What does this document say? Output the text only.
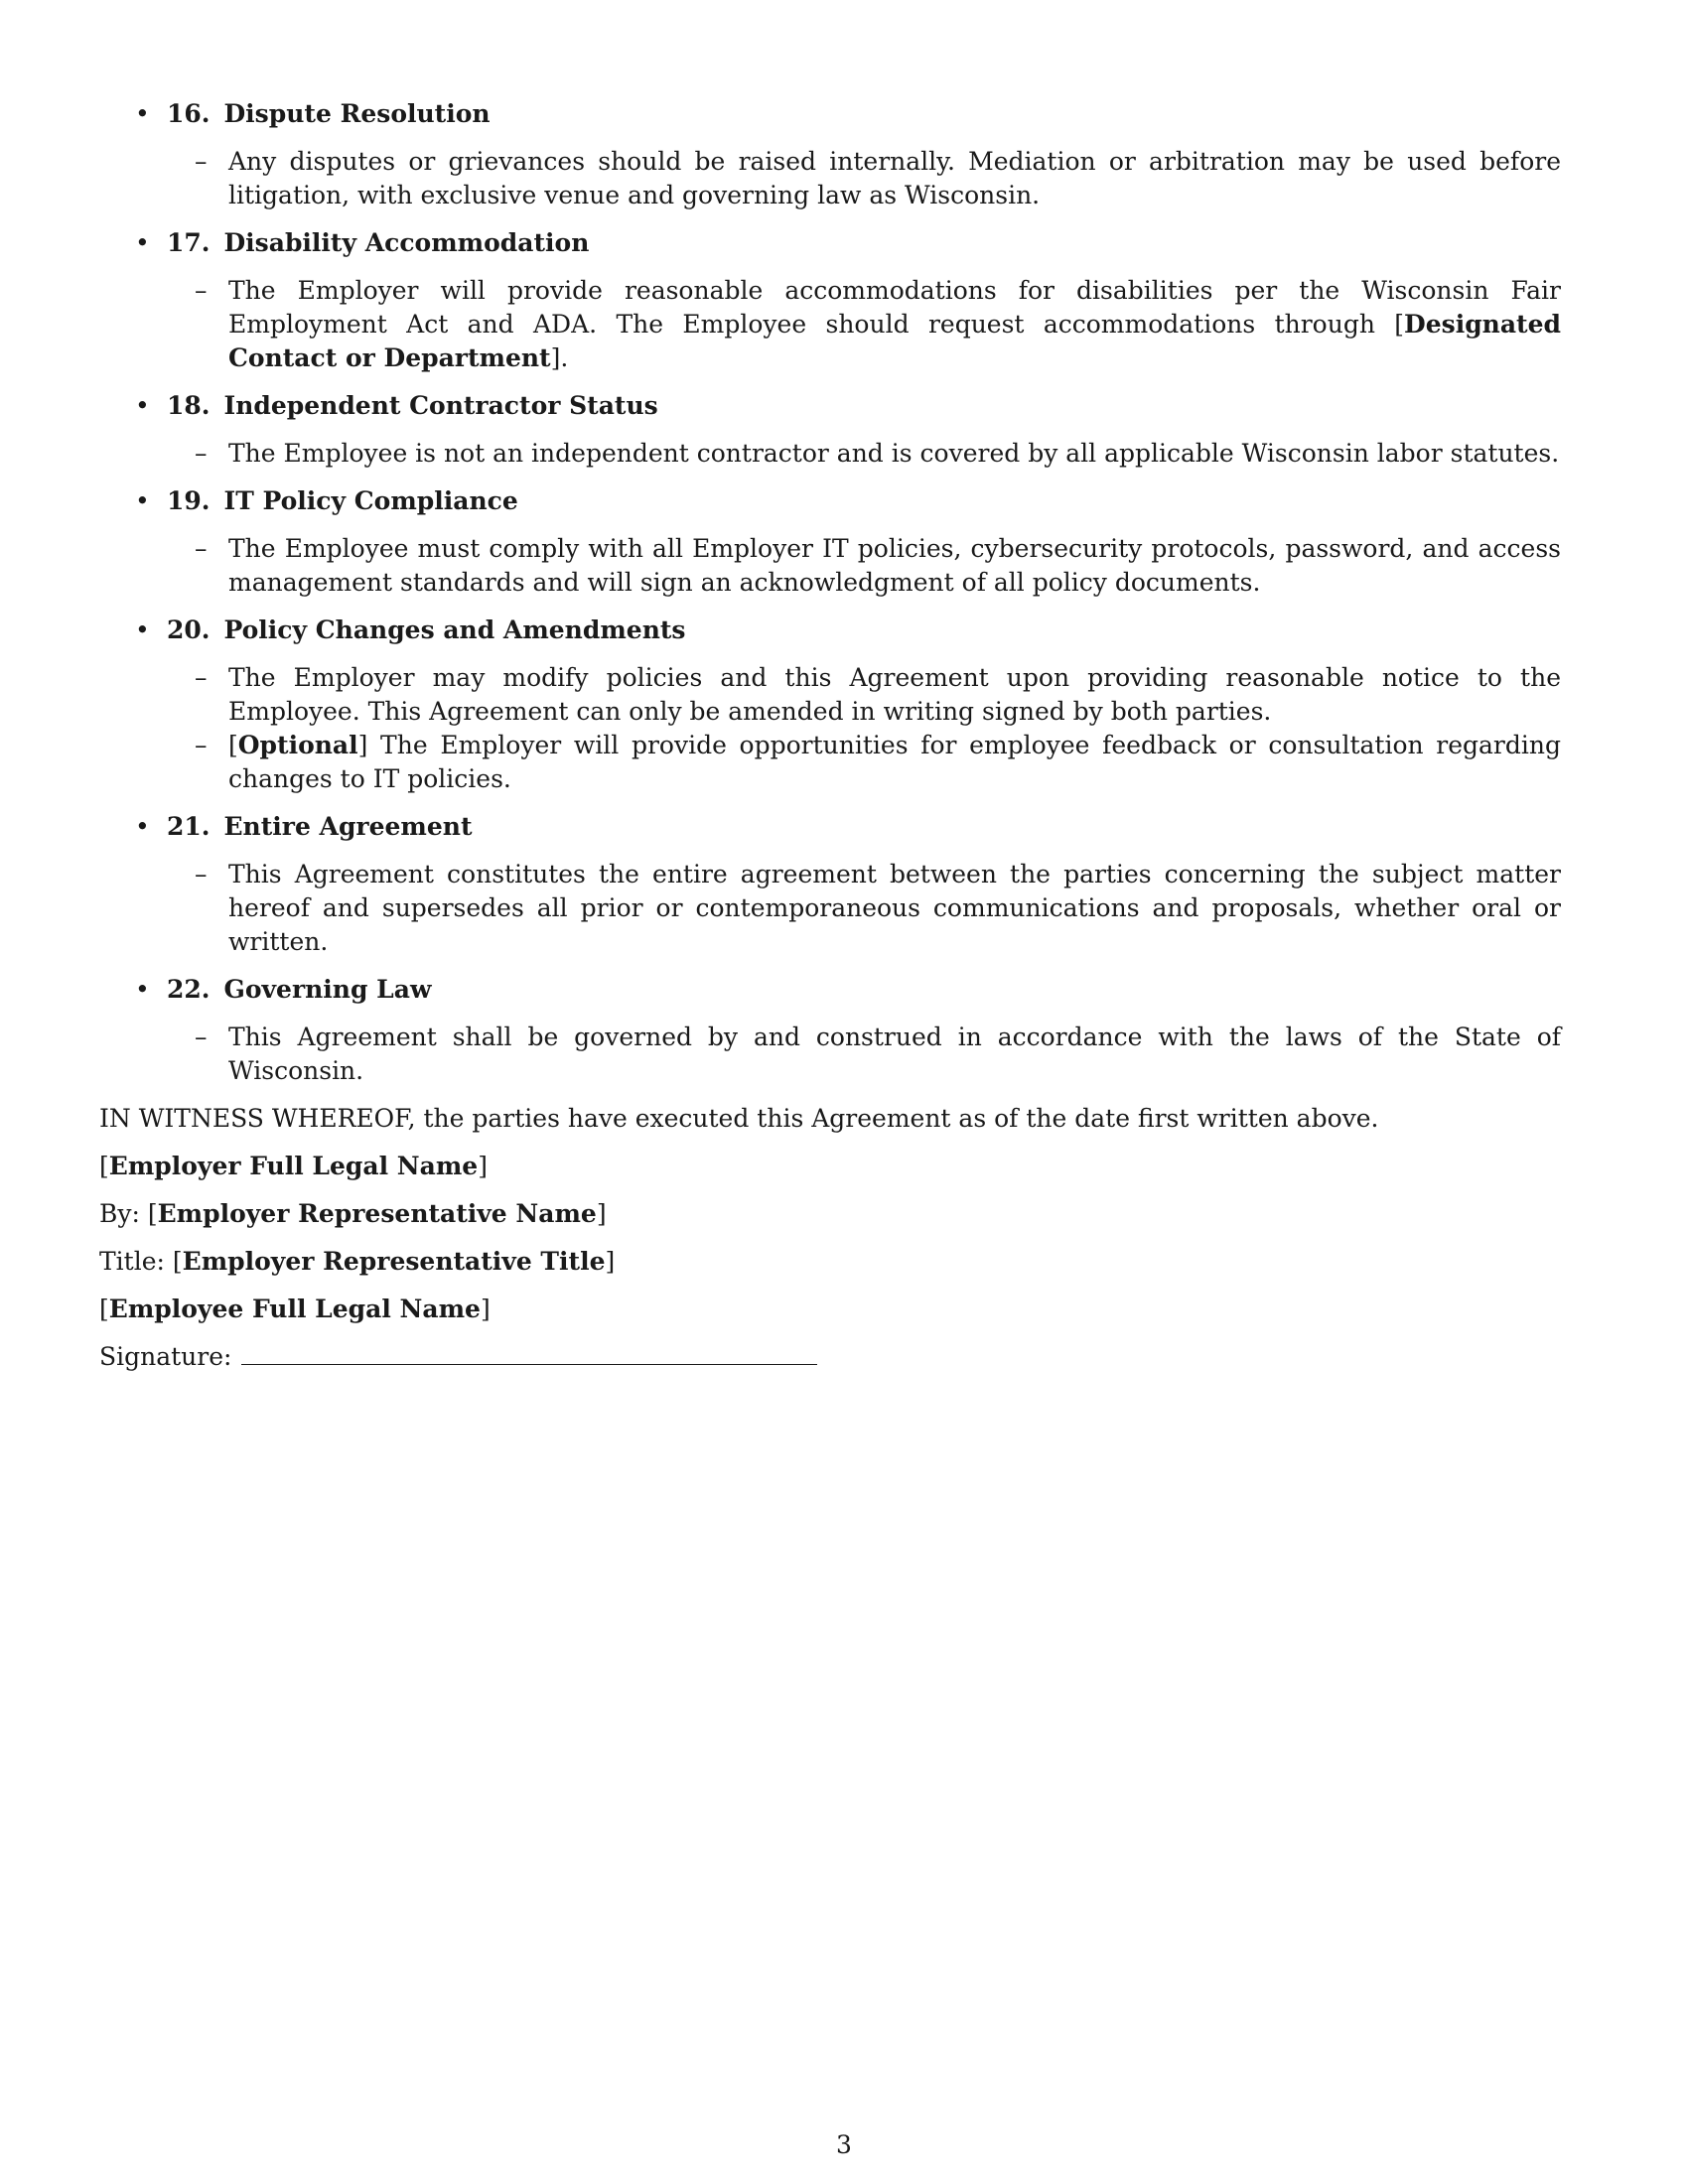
• 16. Dispute Resolution
– Any disputes or grievances should be raised internally. Mediation or arbitration may be used before litigation, with exclusive venue and governing law as Wisconsin.
• 17. Disability Accommodation
– The Employer will provide reasonable accommodations for disabilities per the Wisconsin Fair Employment Act and ADA. The Employee should request accommodations through [Designated Contact or Department].
• 18. Independent Contractor Status
– The Employee is not an independent contractor and is covered by all applicable Wisconsin labor statutes.
• 19. IT Policy Compliance
– The Employee must comply with all Employer IT policies, cybersecurity protocols, password, and access management standards and will sign an acknowledgment of all policy documents.
• 20. Policy Changes and Amendments
– The Employer may modify policies and this Agreement upon providing reasonable notice to the Employee. This Agreement can only be amended in writing signed by both parties.
– [Optional] The Employer will provide opportunities for employee feedback or consultation regarding changes to IT policies.
• 21. Entire Agreement
– This Agreement constitutes the entire agreement between the parties concerning the subject matter hereof and supersedes all prior or contemporaneous communications and proposals, whether oral or written.
• 22. Governing Law
– This Agreement shall be governed by and construed in accordance with the laws of the State of Wisconsin.
IN WITNESS WHEREOF, the parties have executed this Agreement as of the date first written above.
[Employer Full Legal Name]
By: [Employer Representative Name]
Title: [Employer Representative Title]
[Employee Full Legal Name]
Signature:
3
